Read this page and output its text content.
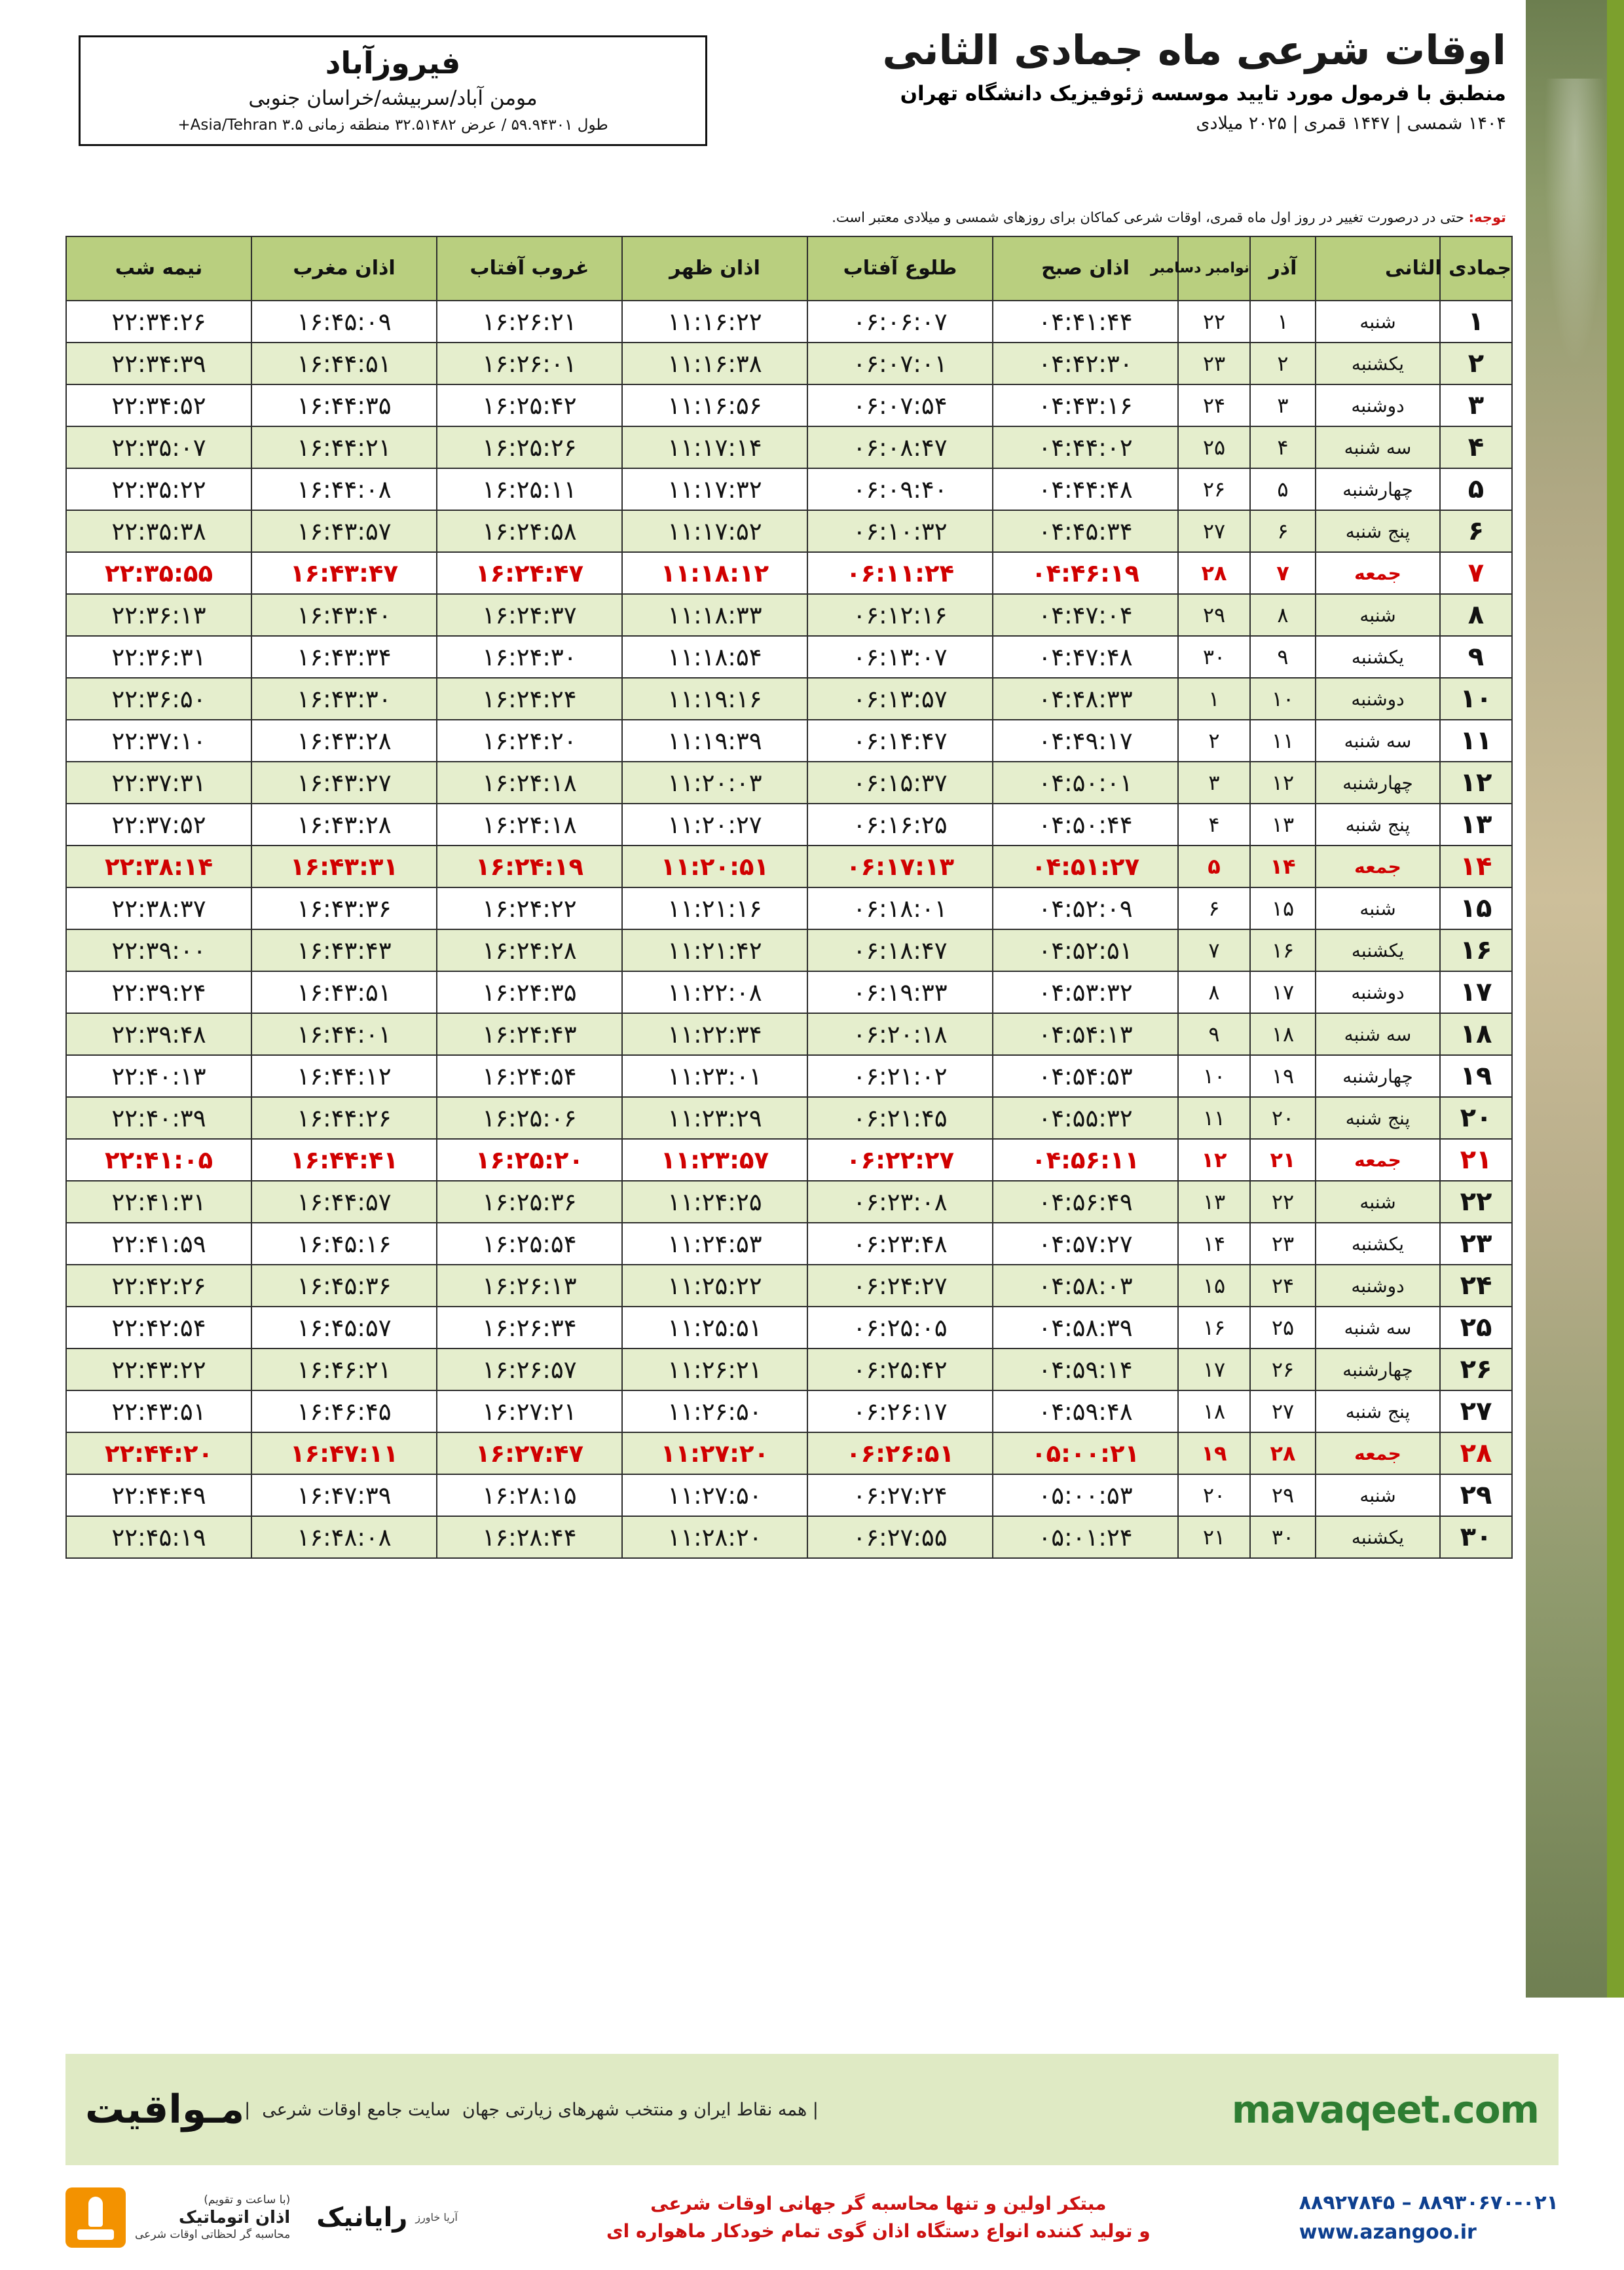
اوقات شرعی ماه جمادی الثانی
منطبق با فرمول مورد تایید موسسه ژئوفیزیک دانشگاه تهران
۱۴۰۴ شمسی | ۱۴۴۷ قمری | ۲۰۲۵ میلادی
فیروزآباد
مومن آباد/سربیشه/خراسان جنوبی
طول ۵۹.۹۴۳۰۱ / عرض ۳۲.۵۱۴۸۲ منطقه زمانی Asia/Tehran ۳.۵+
توجه: حتی در درصورت تغییر در روز اول ماه قمری، اوقات شرعی کماکان برای روزهای شمسی و میلادی معتبر است.
جمادی الثانی		آذر	نوامبر دسامبر	اذان صبح	طلوع آفتاب	اذان ظهر	غروب آفتاب	اذان مغرب	نیمه شب
۱	شنبه	۱	۲۲	۰۴:۴۱:۴۴	۰۶:۰۶:۰۷	۱۱:۱۶:۲۲	۱۶:۲۶:۲۱	۱۶:۴۵:۰۹	۲۲:۳۴:۲۶
۲	یکشنبه	۲	۲۳	۰۴:۴۲:۳۰	۰۶:۰۷:۰۱	۱۱:۱۶:۳۸	۱۶:۲۶:۰۱	۱۶:۴۴:۵۱	۲۲:۳۴:۳۹
۳	دوشنبه	۳	۲۴	۰۴:۴۳:۱۶	۰۶:۰۷:۵۴	۱۱:۱۶:۵۶	۱۶:۲۵:۴۲	۱۶:۴۴:۳۵	۲۲:۳۴:۵۲
۴	سه شنبه	۴	۲۵	۰۴:۴۴:۰۲	۰۶:۰۸:۴۷	۱۱:۱۷:۱۴	۱۶:۲۵:۲۶	۱۶:۴۴:۲۱	۲۲:۳۵:۰۷
۵	چهارشنبه	۵	۲۶	۰۴:۴۴:۴۸	۰۶:۰۹:۴۰	۱۱:۱۷:۳۲	۱۶:۲۵:۱۱	۱۶:۴۴:۰۸	۲۲:۳۵:۲۲
۶	پنج شنبه	۶	۲۷	۰۴:۴۵:۳۴	۰۶:۱۰:۳۲	۱۱:۱۷:۵۲	۱۶:۲۴:۵۸	۱۶:۴۳:۵۷	۲۲:۳۵:۳۸
۷	جمعه	۷	۲۸	۰۴:۴۶:۱۹	۰۶:۱۱:۲۴	۱۱:۱۸:۱۲	۱۶:۲۴:۴۷	۱۶:۴۳:۴۷	۲۲:۳۵:۵۵
۸	شنبه	۸	۲۹	۰۴:۴۷:۰۴	۰۶:۱۲:۱۶	۱۱:۱۸:۳۳	۱۶:۲۴:۳۷	۱۶:۴۳:۴۰	۲۲:۳۶:۱۳
۹	یکشنبه	۹	۳۰	۰۴:۴۷:۴۸	۰۶:۱۳:۰۷	۱۱:۱۸:۵۴	۱۶:۲۴:۳۰	۱۶:۴۳:۳۴	۲۲:۳۶:۳۱
۱۰	دوشنبه	۱۰	۱	۰۴:۴۸:۳۳	۰۶:۱۳:۵۷	۱۱:۱۹:۱۶	۱۶:۲۴:۲۴	۱۶:۴۳:۳۰	۲۲:۳۶:۵۰
۱۱	سه شنبه	۱۱	۲	۰۴:۴۹:۱۷	۰۶:۱۴:۴۷	۱۱:۱۹:۳۹	۱۶:۲۴:۲۰	۱۶:۴۳:۲۸	۲۲:۳۷:۱۰
۱۲	چهارشنبه	۱۲	۳	۰۴:۵۰:۰۱	۰۶:۱۵:۳۷	۱۱:۲۰:۰۳	۱۶:۲۴:۱۸	۱۶:۴۳:۲۷	۲۲:۳۷:۳۱
۱۳	پنج شنبه	۱۳	۴	۰۴:۵۰:۴۴	۰۶:۱۶:۲۵	۱۱:۲۰:۲۷	۱۶:۲۴:۱۸	۱۶:۴۳:۲۸	۲۲:۳۷:۵۲
۱۴	جمعه	۱۴	۵	۰۴:۵۱:۲۷	۰۶:۱۷:۱۳	۱۱:۲۰:۵۱	۱۶:۲۴:۱۹	۱۶:۴۳:۳۱	۲۲:۳۸:۱۴
۱۵	شنبه	۱۵	۶	۰۴:۵۲:۰۹	۰۶:۱۸:۰۱	۱۱:۲۱:۱۶	۱۶:۲۴:۲۲	۱۶:۴۳:۳۶	۲۲:۳۸:۳۷
۱۶	یکشنبه	۱۶	۷	۰۴:۵۲:۵۱	۰۶:۱۸:۴۷	۱۱:۲۱:۴۲	۱۶:۲۴:۲۸	۱۶:۴۳:۴۳	۲۲:۳۹:۰۰
۱۷	دوشنبه	۱۷	۸	۰۴:۵۳:۳۲	۰۶:۱۹:۳۳	۱۱:۲۲:۰۸	۱۶:۲۴:۳۵	۱۶:۴۳:۵۱	۲۲:۳۹:۲۴
۱۸	سه شنبه	۱۸	۹	۰۴:۵۴:۱۳	۰۶:۲۰:۱۸	۱۱:۲۲:۳۴	۱۶:۲۴:۴۳	۱۶:۴۴:۰۱	۲۲:۳۹:۴۸
۱۹	چهارشنبه	۱۹	۱۰	۰۴:۵۴:۵۳	۰۶:۲۱:۰۲	۱۱:۲۳:۰۱	۱۶:۲۴:۵۴	۱۶:۴۴:۱۲	۲۲:۴۰:۱۳
۲۰	پنج شنبه	۲۰	۱۱	۰۴:۵۵:۳۲	۰۶:۲۱:۴۵	۱۱:۲۳:۲۹	۱۶:۲۵:۰۶	۱۶:۴۴:۲۶	۲۲:۴۰:۳۹
۲۱	جمعه	۲۱	۱۲	۰۴:۵۶:۱۱	۰۶:۲۲:۲۷	۱۱:۲۳:۵۷	۱۶:۲۵:۲۰	۱۶:۴۴:۴۱	۲۲:۴۱:۰۵
۲۲	شنبه	۲۲	۱۳	۰۴:۵۶:۴۹	۰۶:۲۳:۰۸	۱۱:۲۴:۲۵	۱۶:۲۵:۳۶	۱۶:۴۴:۵۷	۲۲:۴۱:۳۱
۲۳	یکشنبه	۲۳	۱۴	۰۴:۵۷:۲۷	۰۶:۲۳:۴۸	۱۱:۲۴:۵۳	۱۶:۲۵:۵۴	۱۶:۴۵:۱۶	۲۲:۴۱:۵۹
۲۴	دوشنبه	۲۴	۱۵	۰۴:۵۸:۰۳	۰۶:۲۴:۲۷	۱۱:۲۵:۲۲	۱۶:۲۶:۱۳	۱۶:۴۵:۳۶	۲۲:۴۲:۲۶
۲۵	سه شنبه	۲۵	۱۶	۰۴:۵۸:۳۹	۰۶:۲۵:۰۵	۱۱:۲۵:۵۱	۱۶:۲۶:۳۴	۱۶:۴۵:۵۷	۲۲:۴۲:۵۴
۲۶	چهارشنبه	۲۶	۱۷	۰۴:۵۹:۱۴	۰۶:۲۵:۴۲	۱۱:۲۶:۲۱	۱۶:۲۶:۵۷	۱۶:۴۶:۲۱	۲۲:۴۳:۲۲
۲۷	پنج شنبه	۲۷	۱۸	۰۴:۵۹:۴۸	۰۶:۲۶:۱۷	۱۱:۲۶:۵۰	۱۶:۲۷:۲۱	۱۶:۴۶:۴۵	۲۲:۴۳:۵۱
۲۸	جمعه	۲۸	۱۹	۰۵:۰۰:۲۱	۰۶:۲۶:۵۱	۱۱:۲۷:۲۰	۱۶:۲۷:۴۷	۱۶:۴۷:۱۱	۲۲:۴۴:۲۰
۲۹	شنبه	۲۹	۲۰	۰۵:۰۰:۵۳	۰۶:۲۷:۲۴	۱۱:۲۷:۵۰	۱۶:۲۸:۱۵	۱۶:۴۷:۳۹	۲۲:۴۴:۴۹
۳۰	یکشنبه	۳۰	۲۱	۰۵:۰۱:۲۴	۰۶:۲۷:۵۵	۱۱:۲۸:۲۰	۱۶:۲۸:۴۴	۱۶:۴۸:۰۸	۲۲:۴۵:۱۹
mavaqeet.com
| همه نقاط ایران و منتخب شهرهای زیارتی جهان
سایت جامع اوقات شرعی
|
مـواقیت
۸۸۹۲۷۸۴۵ – ۸۸۹۳۰۶۷۰-۰۲۱
www.azangoo.ir
مبتکر اولین و تنها محاسبه گر جهانی اوقات شرعی
و تولید کننده انواع دستگاه اذان گوی تمام خودکار ماهواره ای
آریا خاورز
رایانیک
(با ساعت و تقویم)
اذان اتوماتیک
محاسبه گر لحظاتی اوقات شرعی
